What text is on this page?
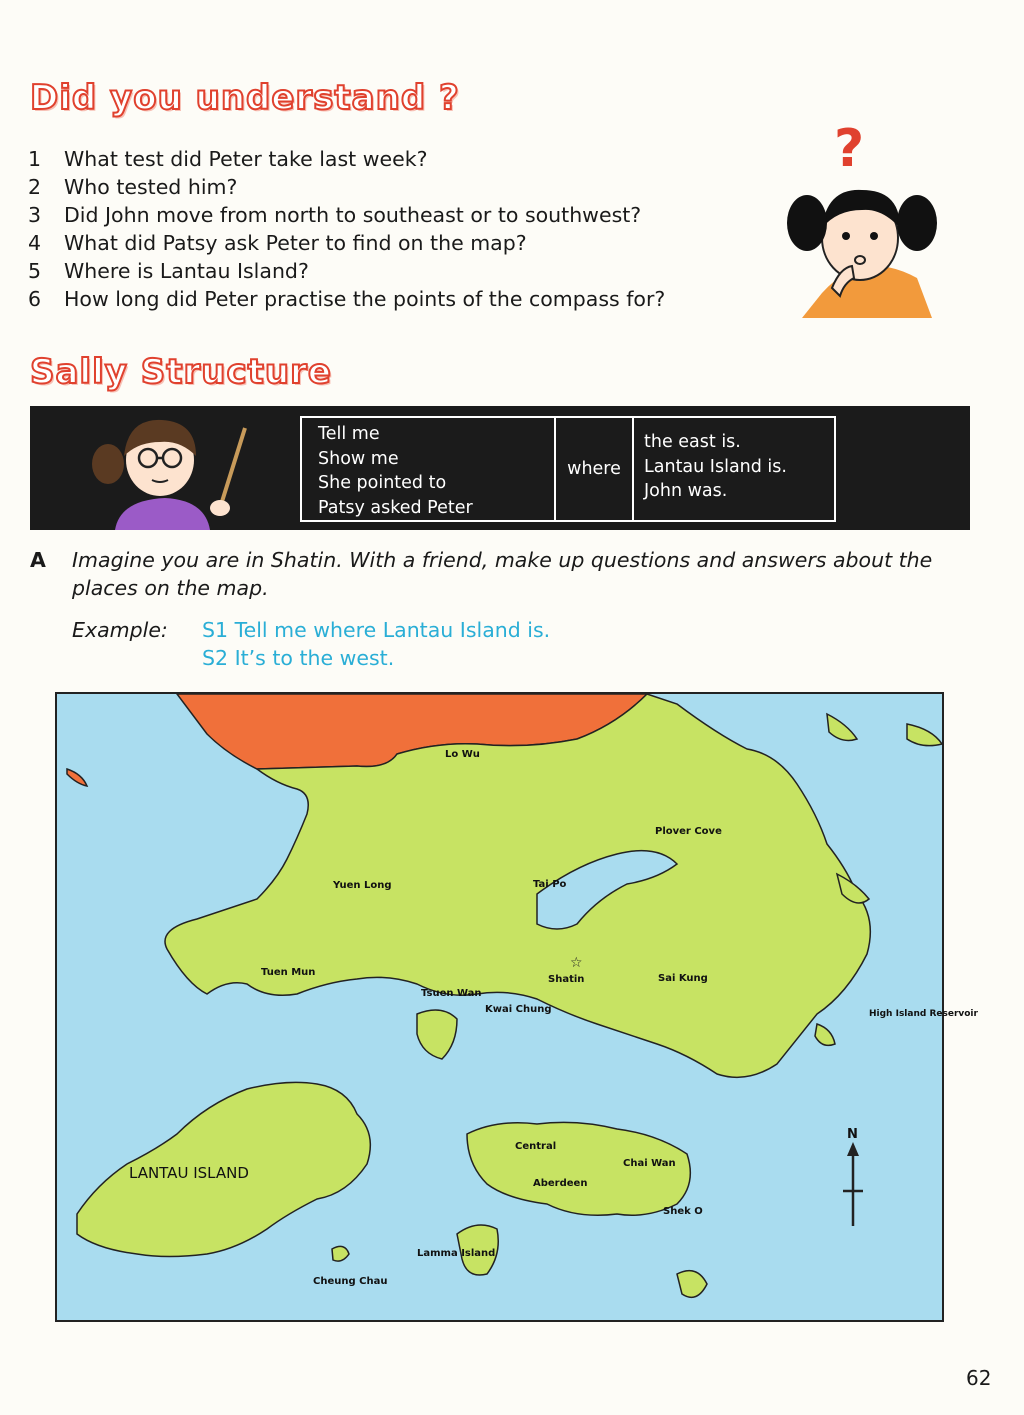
Did you understand ?
1	What test did Peter take last week?
2	Who tested him?
3	Did John move from north to southeast or to southwest?
4	What did Patsy ask Peter to find on the map?
5	Where is Lantau Island?
6	How long did Peter practise the points of the compass for?
?
Sally Structure
Tell me
Show me
She pointed to
Patsy asked Peter
where
the east is.
Lantau Island is.
John was.
A Imagine you are in Shatin. With a friend, make up questions and answers about the places on the map.
Example: S1 Tell me where Lantau Island is.
S2 It’s to the west.
☆
Lo Wu
Plover Cove
Yuen Long	Tai Po
Tuen Mun
Shatin	Sai Kung
Tsuen Wan
Kwai Chung	High Island Reservoir
Central
Chai Wan
Aberdeen
Shek O
LANTAU ISLAND
Lamma Island
Cheung Chau
N
62
